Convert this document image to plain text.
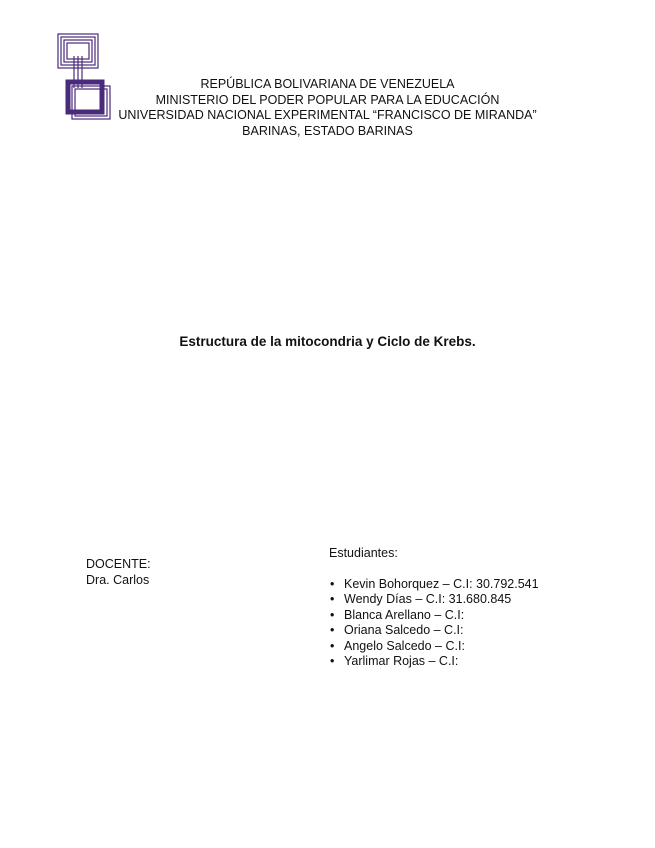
REPÚBLICA BOLIVARIANA DE VENEZUELA
MINISTERIO DEL PODER POPULAR PARA LA EDUCACIÓN
UNIVERSIDAD NACIONAL EXPERIMENTAL “FRANCISCO DE MIRANDA”
BARINAS, ESTADO BARINAS
Estructura de la mitocondria y Ciclo de Krebs.
DOCENTE:
Dra. Carlos
Estudiantes:
• Kevin Bohorquez – C.I: 30.792.541
• Wendy Días – C.I: 31.680.845
• Blanca Arellano – C.I:
• Oriana Salcedo – C.I:
• Angelo Salcedo – C.I:
• Yarlimar Rojas – C.I:
